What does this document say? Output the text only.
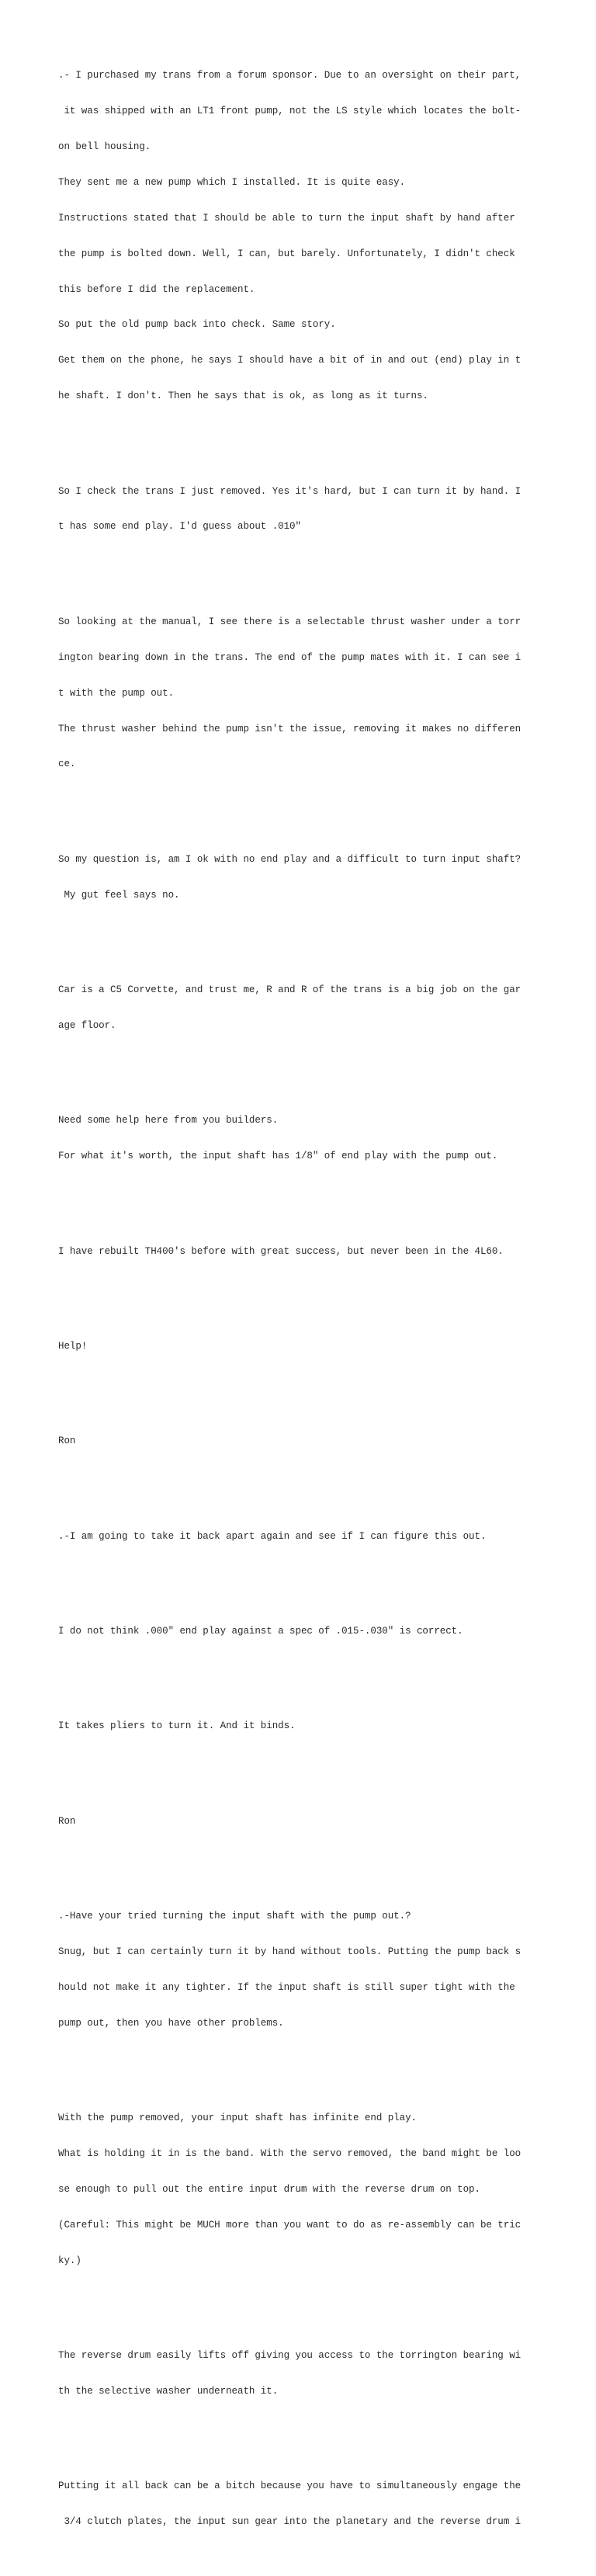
.- I purchased my trans from a forum sponsor. Due to an oversight on their part,

it was shipped with an LT1 front pump, not the LS style which locates the bolt-

on bell housing.

They sent me a new pump which I installed. It is quite easy.

Instructions stated that I should be able to turn the input shaft by hand after

the pump is bolted down. Well, I can, but barely. Unfortunately, I didn't check

this before I did the replacement.

So put the old pump back into check. Same story.

Get them on the phone, he says I should have a bit of in and out (end) play in t

he shaft. I don't. Then he says that is ok, as long as it turns.

So I check the trans I just removed. Yes it's hard, but I can turn it by hand. I

t has some end play. I'd guess about .010"

So looking at the manual, I see there is a selectable thrust washer under a torr

ington bearing down in the trans. The end of the pump mates with it. I can see i

t with the pump out.

The thrust washer behind the pump isn't the issue, removing it makes no differen

ce.

So my question is, am I ok with no end play and a difficult to turn input shaft?

My gut feel says no.

Car is a C5 Corvette, and trust me, R and R of the trans is a big job on the gar

age floor.

Need some help here from you builders.

For what it's worth, the input shaft has 1/8" of end play with the pump out.

I have rebuilt TH400's before with great success, but never been in the 4L60.

Help!

Ron

.-I am going to take it back apart again and see if I can figure this out.

I do not think .000" end play against a spec of .015-.030" is correct.

It takes pliers to turn it. And it binds.

Ron

.-Have your tried turning the input shaft with the pump out.?

Snug, but I can certainly turn it by hand without tools. Putting the pump back s

hould not make it any tighter. If the input shaft is still super tight with the

pump out, then you have other problems.

With the pump removed, your input shaft has infinite end play.

What is holding it in is the band. With the servo removed, the band might be loo

se enough to pull out the entire input drum with the reverse drum on top.

(Careful: This might be MUCH more than you want to do as re-assembly can be tric

ky.)

The reverse drum easily lifts off giving you access to the torrington bearing wi

th the selective washer underneath it.

Putting it all back can be a bitch because you have to simultaneously engage the

3/4 clutch plates, the input sun gear into the planetary and the reverse drum i
